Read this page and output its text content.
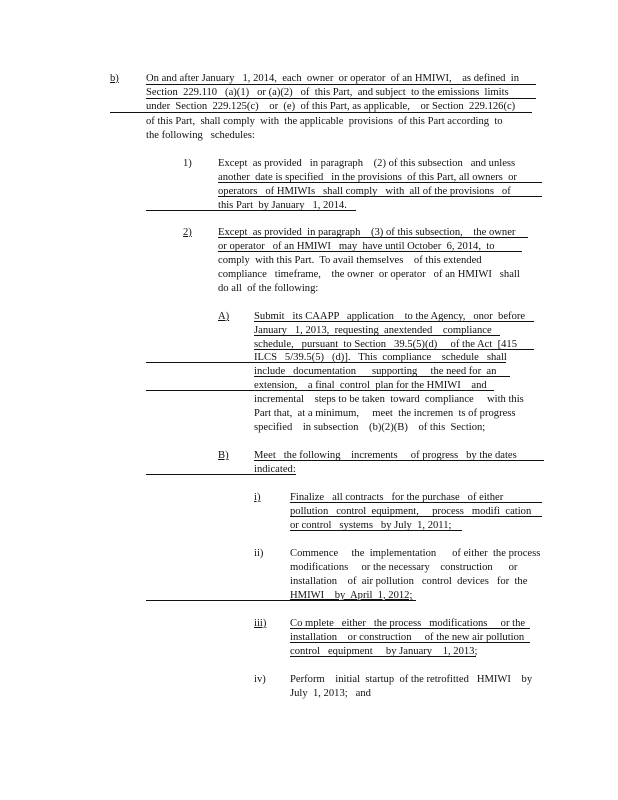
b)	On and after January   1, 2014,  each  owner  or operator  of an HMIWI,    as defined  in
Section  229.110   (a)(1)   or (a)(2)   of  this Part,  and subject  to the emissions  limits
under  Section  229.125(c)    or  (e)  of this Part, as applicable,    or Section  229.126(c)
of this Part,  shall comply  with  the applicable  provisions  of this Part according  to
the following   schedules:
1) Except  as provided   in paragraph    (2) of this subsection   and unless
another  date is specified   in the provisions  of this Part, all owners  or
operators   of HMIWIs   shall comply   with  all of the provisions   of
this Part  by January   1, 2014.
2) Except  as provided  in paragraph    (3) of this subsection,    the owner
or operator   of an HMIWI   may  have until October  6, 2014,  to
comply  with this Part.  To avail themselves    of this extended
compliance   timeframe,    the owner  or operator   of an HMIWI   shall
do all  of the following:
A) Submit   its CAAPP   application    to the Agency,   onor  before
January   1, 2013,  requesting  anextended    compliance
schedule,   pursuant  to Section   39.5(5)(d)     of the Act  [415
ILCS   5/39.5(5)   (d)].   This  compliance    schedule   shall
include   documentation      supporting     the need for  an
extension,    a final  control  plan for the HMIWI    and
incremental    steps to be taken  toward  compliance     with this
Part that,  at a minimum,     meet  the incremen  ts of progress
specified    in subsection    (b)(2)(B)    of this  Section;
B) Meet   the following    increments     of progress   by the dates
indicated:
i)	Finalize   all contracts   for the purchase   of either
pollution   control  equipment,     process   modifi  cation
or control   systems   by July  1, 2011;
ii)	Commence     the  implementation      of either  the process
modifications     or the necessary    construction      or
installation    of  air pollution   control  devices   for  the
HMIWI    by  April  1, 2012;
iii) Co mplete   either   the process   modifications     or the
installation    or construction     of the new air pollution
control   equipment     by January    1, 2013;
iv) Perform    initial  startup  of the retrofitted   HMIWI    by
July  1, 2013;   and
